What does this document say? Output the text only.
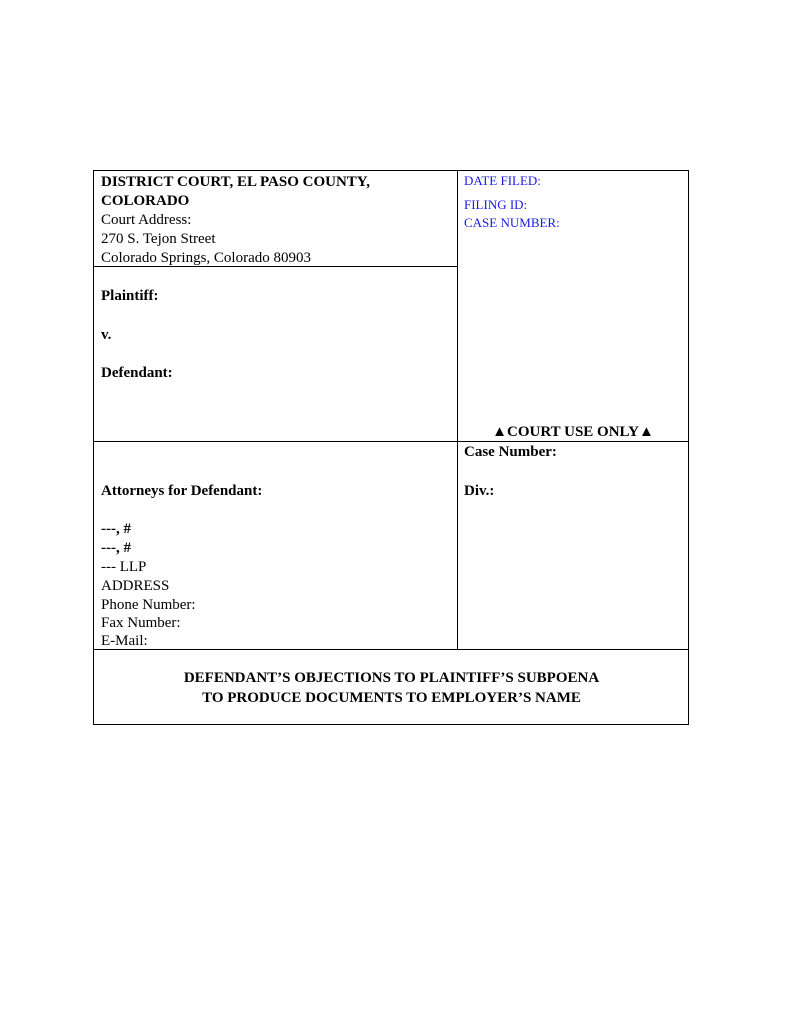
DISTRICT COURT, EL PASO COUNTY,

COLORADO

Court Address:

270 S. Tejon Street

Colorado Springs, Colorado 80903

DATE FILED:

FILING ID:

CASE NUMBER:

Plaintiff:

v.

Defendant:

▲COURT USE ONLY▲

Case Number:

Div.:

Attorneys for Defendant:

---, #

---, #

--- LLP

ADDRESS

Phone Number:

Fax Number:

E-Mail:

DEFENDANT’S OBJECTIONS TO PLAINTIFF’S SUBPOENA
TO PRODUCE DOCUMENTS TO EMPLOYER’S NAME
